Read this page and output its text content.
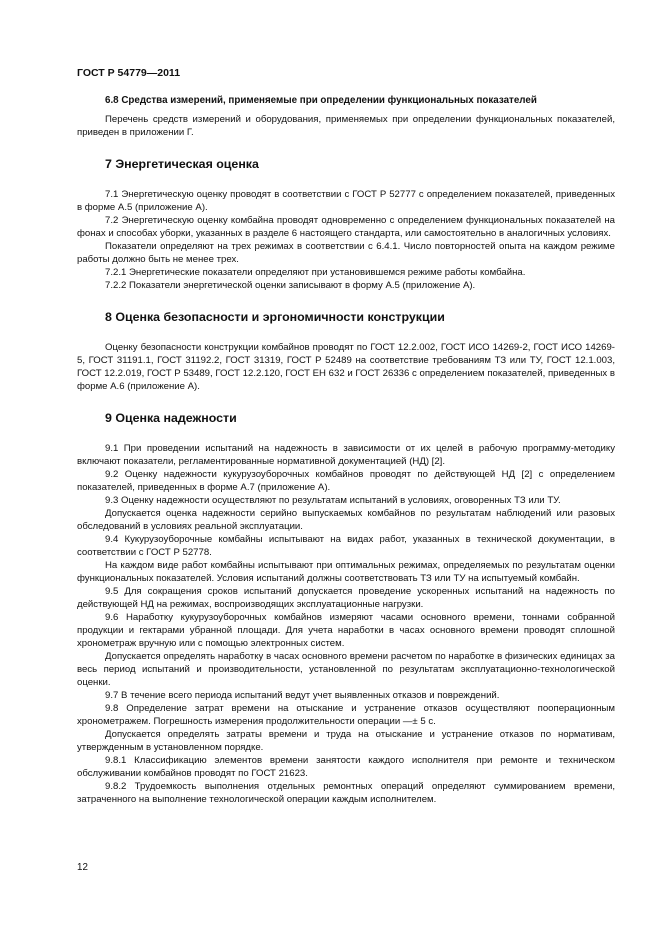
ГОСТ Р 54779—2011
6.8 Средства измерений, применяемые при определении функциональных показателей

Перечень средств измерений и оборудования, применяемых при определении функциональных показателей, приведен в приложении Г.

7 Энергетическая оценка

7.1 Энергетическую оценку проводят в соответствии с ГОСТ Р 52777 с определением показателей, приведенных в форме А.5 (приложение А).

7.2 Энергетическую оценку комбайна проводят одновременно с определением функциональных показателей на фонах и способах уборки, указанных в разделе 6 настоящего стандарта, или самостоятельно в аналогичных условиях.

Показатели определяют на трех режимах в соответствии с 6.4.1. Число повторностей опыта на каждом режиме работы должно быть не менее трех.

7.2.1 Энергетические показатели определяют при установившемся режиме работы комбайна.

7.2.2 Показатели энергетической оценки записывают в форму А.5 (приложение А).

8 Оценка безопасности и эргономичности конструкции

Оценку безопасности конструкции комбайнов проводят по ГОСТ 12.2.002, ГОСТ ИСО 14269-2, ГОСТ ИСО 14269-5, ГОСТ 31191.1, ГОСТ 31192.2, ГОСТ 31319, ГОСТ Р 52489 на соответствие требованиям ТЗ или ТУ, ГОСТ 12.1.003, ГОСТ 12.2.019, ГОСТ Р 53489, ГОСТ 12.2.120, ГОСТ ЕН 632 и ГОСТ 26336 с определением показателей, приведенных в форме А.6 (приложение А).

9 Оценка надежности

9.1 При проведении испытаний на надежность в зависимости от их целей в рабочую программу-методику включают показатели, регламентированные нормативной документацией (НД) [2].

9.2 Оценку надежности кукурузоуборочных комбайнов проводят по действующей НД [2] с определением показателей, приведенных в форме А.7 (приложение А).

9.3 Оценку надежности осуществляют по результатам испытаний в условиях, оговоренных ТЗ или ТУ.

Допускается оценка надежности серийно выпускаемых комбайнов по результатам наблюдений или разовых обследований в условиях реальной эксплуатации.

9.4 Кукурузоуборочные комбайны испытывают на видах работ, указанных в технической документации, в соответствии с ГОСТ Р 52778.

На каждом виде работ комбайны испытывают при оптимальных режимах, определяемых по результатам оценки функциональных показателей. Условия испытаний должны соответствовать ТЗ или ТУ на испытуемый комбайн.

9.5 Для сокращения сроков испытаний допускается проведение ускоренных испытаний на надежность по действующей НД на режимах, воспроизводящих эксплуатационные нагрузки.

9.6 Наработку кукурузоуборочных комбайнов измеряют часами основного времени, тоннами собранной продукции и гектарами убранной площади. Для учета наработки в часах основного времени проводят сплошной хронометраж вручную или с помощью электронных систем.

Допускается определять наработку в часах основного времени расчетом по наработке в физических единицах за весь период испытаний и производительности, установленной по результатам эксплуатационно-технологической оценки.

9.7 В течение всего периода испытаний ведут учет выявленных отказов и повреждений.

9.8 Определение затрат времени на отыскание и устранение отказов осуществляют пооперационным хронометражем. Погрешность измерения продолжительности операции —± 5 с.

Допускается определять затраты времени и труда на отыскание и устранение отказов по нормативам, утвержденным в установленном порядке.

9.8.1 Классификацию элементов времени занятости каждого исполнителя при ремонте и техническом обслуживании комбайнов проводят по ГОСТ 21623.

9.8.2 Трудоемкость выполнения отдельных ремонтных операций определяют суммированием времени, затраченного на выполнение технологической операции каждым исполнителем.

12
